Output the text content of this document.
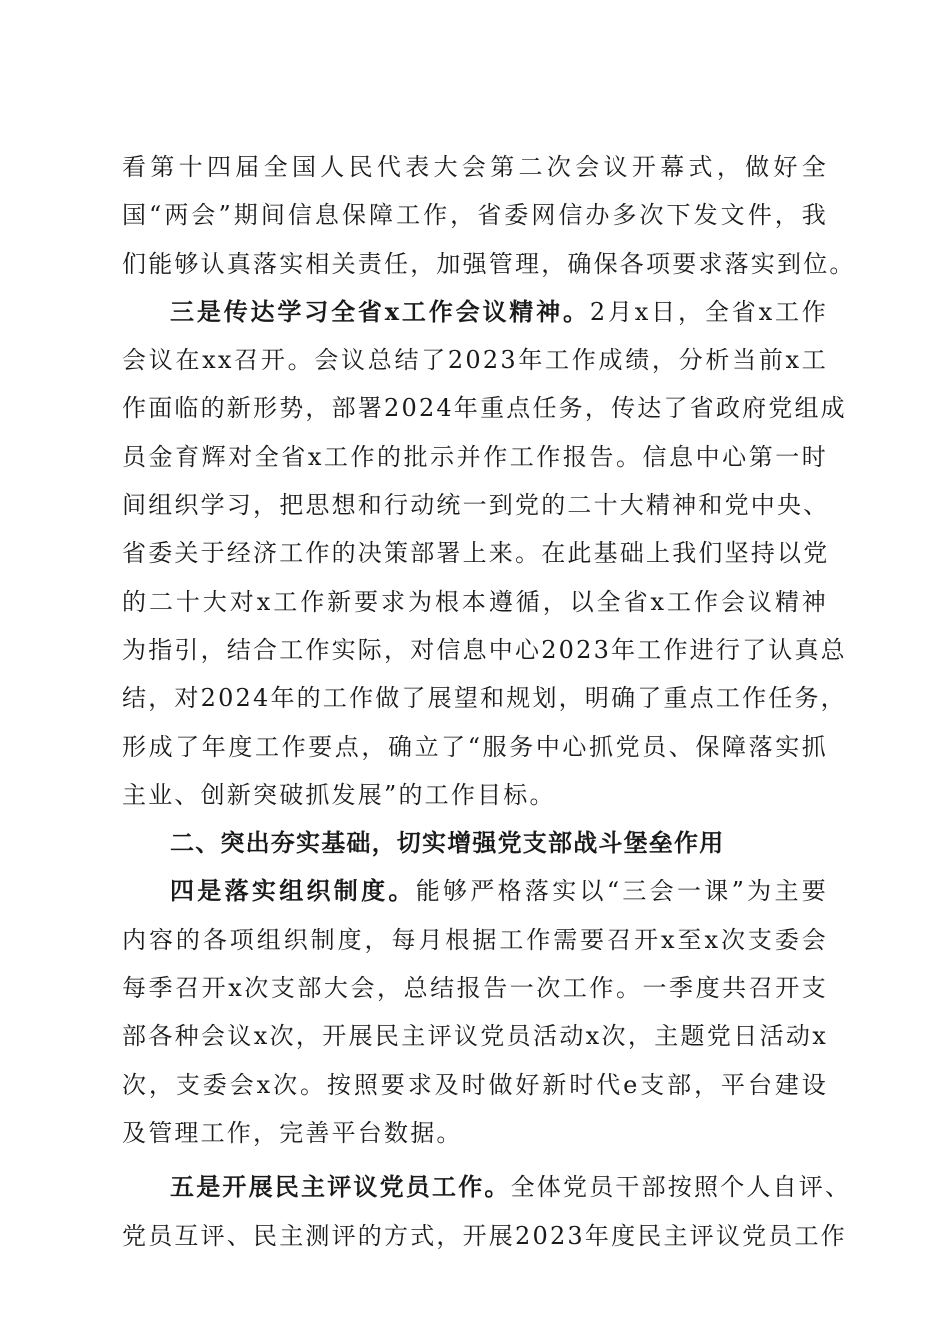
看第十四届全国人民代表大会第二次会议开幕式，做好全
国“两会”期间信息保障工作，省委网信办多次下发文件，我
们能够认真落实相关责任，加强管理，确保各项要求落实到位。

三是传达学习全省x工作会议精神。2月x日，全省x工作
会议在xx召开。会议总结了2023年工作成绩，分析当前x工
作面临的新形势，部署2024年重点任务，传达了省政府党组成
员金育辉对全省x工作的批示并作工作报告。信息中心第一时
间组织学习，把思想和行动统一到党的二十大精神和党中央、
省委关于经济工作的决策部署上来。在此基础上我们坚持以党
的二十大对x工作新要求为根本遵循，以全省x工作会议精神
为指引，结合工作实际，对信息中心2023年工作进行了认真总
结，对2024年的工作做了展望和规划，明确了重点工作任务，
形成了年度工作要点，确立了“服务中心抓党员、保障落实抓
主业、创新突破抓发展”的工作目标。

二、突出夯实基础，切实增强党支部战斗堡垒作用

四是落实组织制度。能够严格落实以“三会一课”为主要
内容的各项组织制度，每月根据工作需要召开x至x次支委会
每季召开x次支部大会，总结报告一次工作。一季度共召开支
部各种会议x次，开展民主评议党员活动x次，主题党日活动x
次，支委会x次。按照要求及时做好新时代e支部，平台建设
及管理工作，完善平台数据。

五是开展民主评议党员工作。全体党员干部按照个人自评、
党员互评、民主测评的方式，开展2023年度民主评议党员工作
